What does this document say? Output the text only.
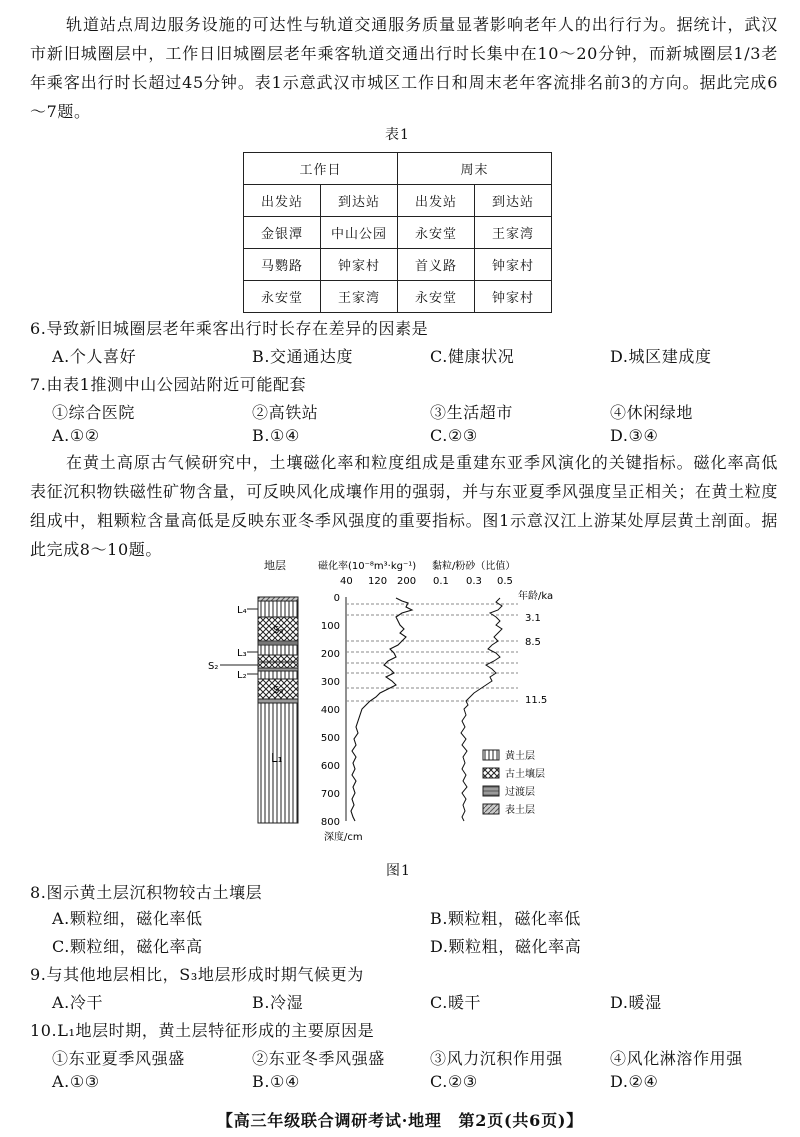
轨道站点周边服务设施的可达性与轨道交通服务质量显著影响老年人的出行行为。据统计，武汉市新旧城圈层中，工作日旧城圈层老年乘客轨道交通出行时长集中在10～20分钟，而新城圈层1/3老年乘客出行时长超过45分钟。表1示意武汉市城区工作日和周末老年客流排名前3的方向。据此完成6～7题。

表1
工作日		周末	
出发站	到达站	出发站	到达站
金银潭	中山公园	永安堂	王家湾
马鹦路	钟家村	首义路	钟家村
永安堂	王家湾	永安堂	钟家村
6.导致新旧城圈层老年乘客出行时长存在差异的因素是
A.个人喜好	B.交通通达度	C.健康状况	D.城区建成度
7.由表1推测中山公园站附近可能配套
①综合医院	②高铁站	③生活超市	④休闲绿地
A.①②	B.①④	C.②③	D.③④

在黄土高原古气候研究中，土壤磁化率和粒度组成是重建东亚季风演化的关键指标。磁化率高低表征沉积物铁磁性矿物含量，可反映风化成壤作用的强弱，并与东亚夏季风强度呈正相关；在黄土粒度组成中，粗颗粒含量高低是反映东亚冬季风强度的重要指标。图1示意汉江上游某处厚层黄土剖面。据此完成8～10题。

地层
L₄
S₃
L₃
S₂
L₂
S₃
L₁
磁化率(10⁻⁸m³·kg⁻¹)
40 120 200
黏粒/粉砂（比值）
0.1 0.3 0.5
年龄/ka
0
100
200
300
400
500
600
700
800
深度/cm
3.1
8.5
11.5
黄土层
古土壤层
过渡层
表土层
图1
8.图示黄土层沉积物较古土壤层
A.颗粒细，磁化率低	B.颗粒粗，磁化率低
C.颗粒细，磁化率高	D.颗粒粗，磁化率高
9.与其他地层相比，S₃地层形成时期气候更为
A.冷干	B.冷湿	C.暖干	D.暖湿
10.L₁地层时期，黄土层特征形成的主要原因是
①东亚夏季风强盛	②东亚冬季风强盛	③风力沉积作用强	④风化淋溶作用强
A.①③	B.①④	C.②③	D.②④
【高三年级联合调研考试·地理　第2页(共6页)】
